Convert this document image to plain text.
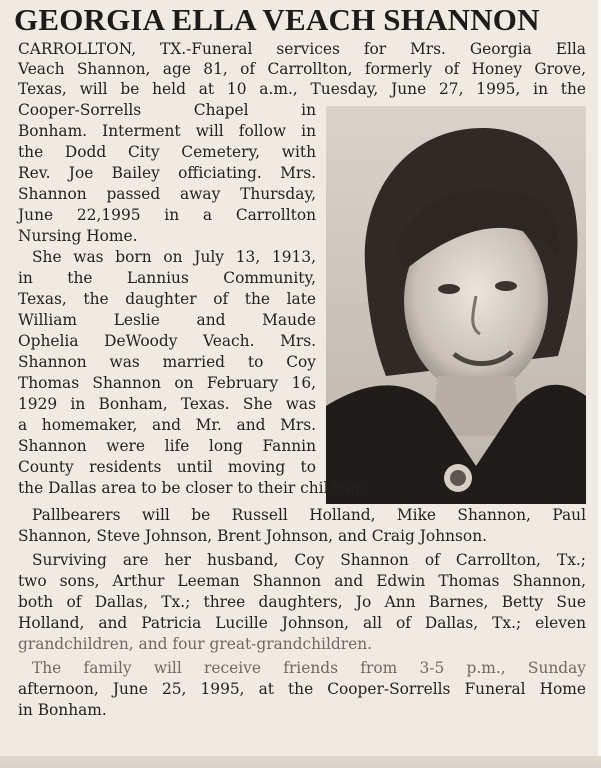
GEORGIA ELLA VEACH SHANNON
CARROLLTON, TX.-Funeral services for Mrs. Georgia Ella
Veach Shannon, age 81, of Carrollton, formerly of Honey Grove,
Texas, will be held at 10 a.m., Tuesday, June 27, 1995, in the
Cooper-Sorrells Chapel in
Bonham. Interment will follow in
the Dodd City Cemetery, with
Rev. Joe Bailey officiating. Mrs.
Shannon passed away Thursday,
June 22,1995 in a Carrollton
Nursing Home.
She was born on July 13, 1913,
in the Lannius Community,
Texas, the daughter of the late
William Leslie and Maude
Ophelia DeWoody Veach. Mrs.
Shannon was married to Coy
Thomas Shannon on February 16,
1929 in Bonham, Texas. She was
a homemaker, and Mr. and Mrs.
Shannon were life long Fannin
County residents until moving to
the Dallas area to be closer to their children.
Pallbearers will be Russell Holland, Mike Shannon, Paul
Shannon, Steve Johnson, Brent Johnson, and Craig Johnson.
Surviving are her husband, Coy Shannon of Carrollton, Tx.;
two sons, Arthur Leeman Shannon and Edwin Thomas Shannon,
both of Dallas, Tx.; three daughters, Jo Ann Barnes, Betty Sue
Holland, and Patricia Lucille Johnson, all of Dallas, Tx.; eleven
grandchildren, and four great-grandchildren.
The family will receive friends from 3-5 p.m., Sunday
afternoon, June 25, 1995, at the Cooper-Sorrells Funeral Home
in Bonham.
